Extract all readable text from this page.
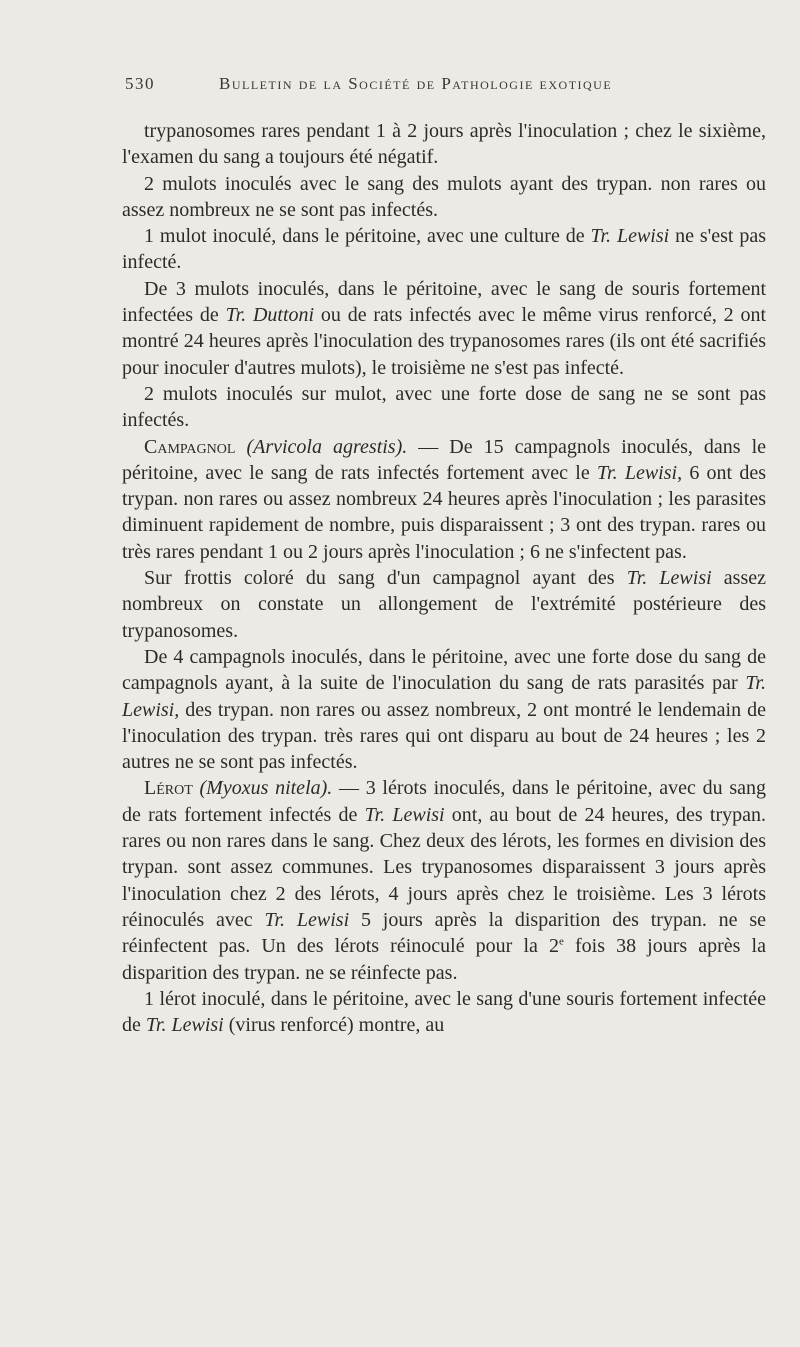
530	Bulletin de la Société de Pathologie exotique

trypanosomes rares pendant 1 à 2 jours après l'inoculation ; chez le sixième, l'examen du sang a toujours été négatif.

2 mulots inoculés avec le sang des mulots ayant des trypan. non rares ou assez nombreux ne se sont pas infectés.

1 mulot inoculé, dans le péritoine, avec une culture de Tr. Lewisi ne s'est pas infecté.

De 3 mulots inoculés, dans le péritoine, avec le sang de souris fortement infectées de Tr. Duttoni ou de rats infectés avec le même virus renforcé, 2 ont montré 24 heures après l'inoculation des trypanosomes rares (ils ont été sacrifiés pour inoculer d'autres mulots), le troisième ne s'est pas infecté.

2 mulots inoculés sur mulot, avec une forte dose de sang ne se sont pas infectés.

Campagnol (Arvicola agrestis). — De 15 campagnols inoculés, dans le péritoine, avec le sang de rats infectés fortement avec le Tr. Lewisi, 6 ont des trypan. non rares ou assez nombreux 24 heures après l'inoculation ; les parasites diminuent rapidement de nombre, puis disparaissent ; 3 ont des trypan. rares ou très rares pendant 1 ou 2 jours après l'inoculation ; 6 ne s'infectent pas.

Sur frottis coloré du sang d'un campagnol ayant des Tr. Lewisi assez nombreux on constate un allongement de l'extrémité postérieure des trypanosomes.

De 4 campagnols inoculés, dans le péritoine, avec une forte dose du sang de campagnols ayant, à la suite de l'inoculation du sang de rats parasités par Tr. Lewisi, des trypan. non rares ou assez nombreux, 2 ont montré le lendemain de l'inoculation des trypan. très rares qui ont disparu au bout de 24 heures ; les 2 autres ne se sont pas infectés.

Lérot (Myoxus nitela). — 3 lérots inoculés, dans le péritoine, avec du sang de rats fortement infectés de Tr. Lewisi ont, au bout de 24 heures, des trypan. rares ou non rares dans le sang. Chez deux des lérots, les formes en division des trypan. sont assez communes. Les trypanosomes disparaissent 3 jours après l'inoculation chez 2 des lérots, 4 jours après chez le troisième. Les 3 lérots réinoculés avec Tr. Lewisi 5 jours après la disparition des trypan. ne se réinfectent pas. Un des lérots réinoculé pour la 2e fois 38 jours après la disparition des trypan. ne se réinfecte pas.

1 lérot inoculé, dans le péritoine, avec le sang d'une souris fortement infectée de Tr. Lewisi (virus renforcé) montre, au
